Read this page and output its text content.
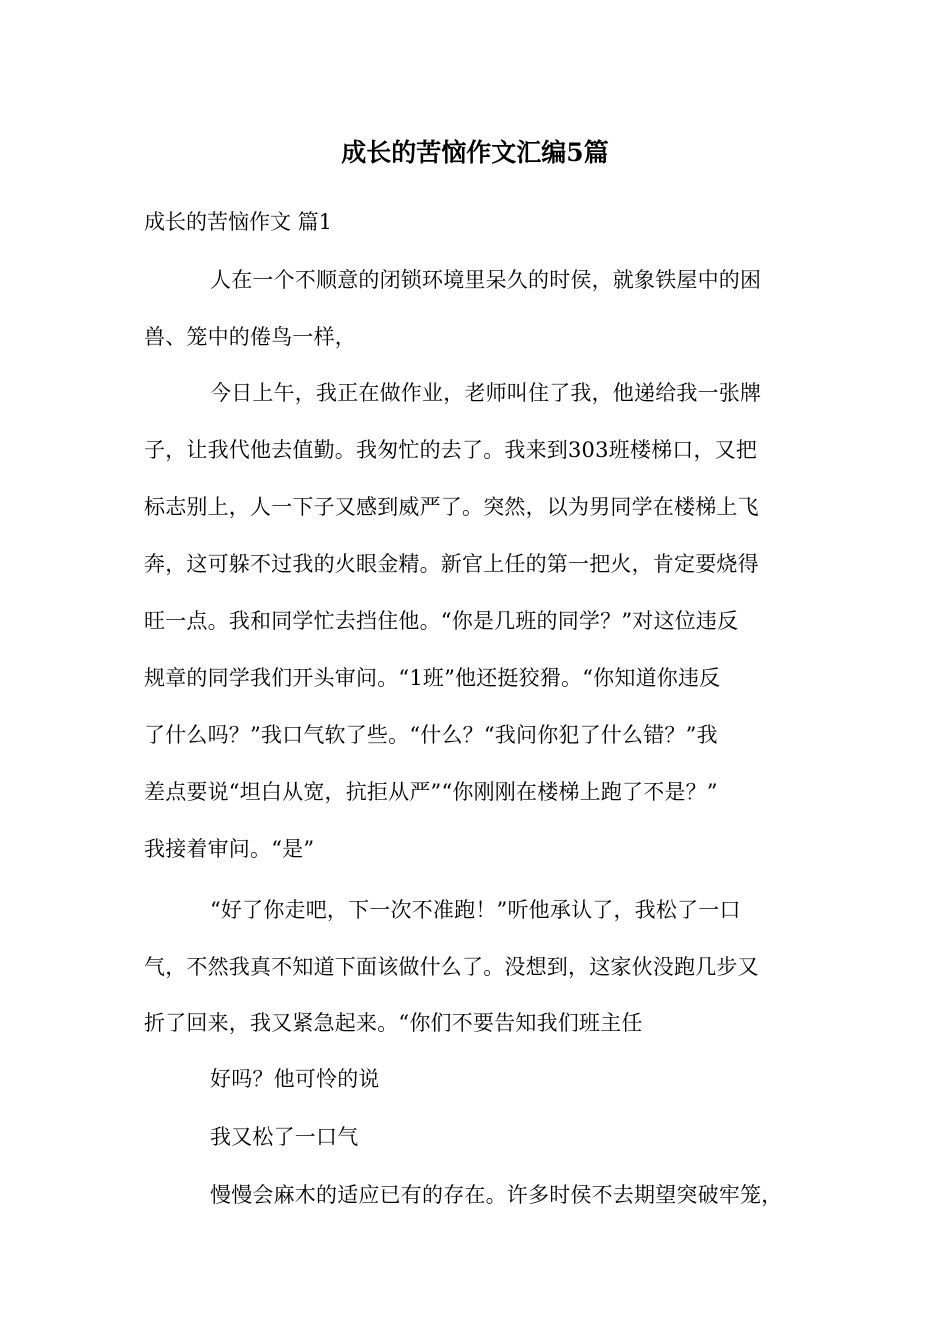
成长的苦恼作文汇编5篇

成长的苦恼作文 篇1

人在一个不顺意的闭锁环境里呆久的时侯，就象铁屋中的困

兽、笼中的倦鸟一样，

今日上午，我正在做作业，老师叫住了我，他递给我一张牌

子，让我代他去值勤。我匆忙的去了。我来到303班楼梯口，又把

标志别上，人一下子又感到威严了。突然，以为男同学在楼梯上飞

奔，这可躲不过我的火眼金精。新官上任的第一把火，肯定要烧得

旺一点。我和同学忙去挡住他。“你是几班的同学？”对这位违反

规章的同学我们开头审问。“1班”他还挺狡猾。“你知道你违反

了什么吗？”我口气软了些。“什么？“我问你犯了什么错？”我

差点要说“坦白从宽，抗拒从严”“你刚刚在楼梯上跑了不是？”

我接着审问。“是”

“好了你走吧，下一次不准跑！”听他承认了，我松了一口

气，不然我真不知道下面该做什么了。没想到，这家伙没跑几步又

折了回来，我又紧急起来。“你们不要告知我们班主任

好吗？他可怜的说

我又松了一口气

慢慢会麻木的适应已有的存在。许多时侯不去期望突破牢笼，
